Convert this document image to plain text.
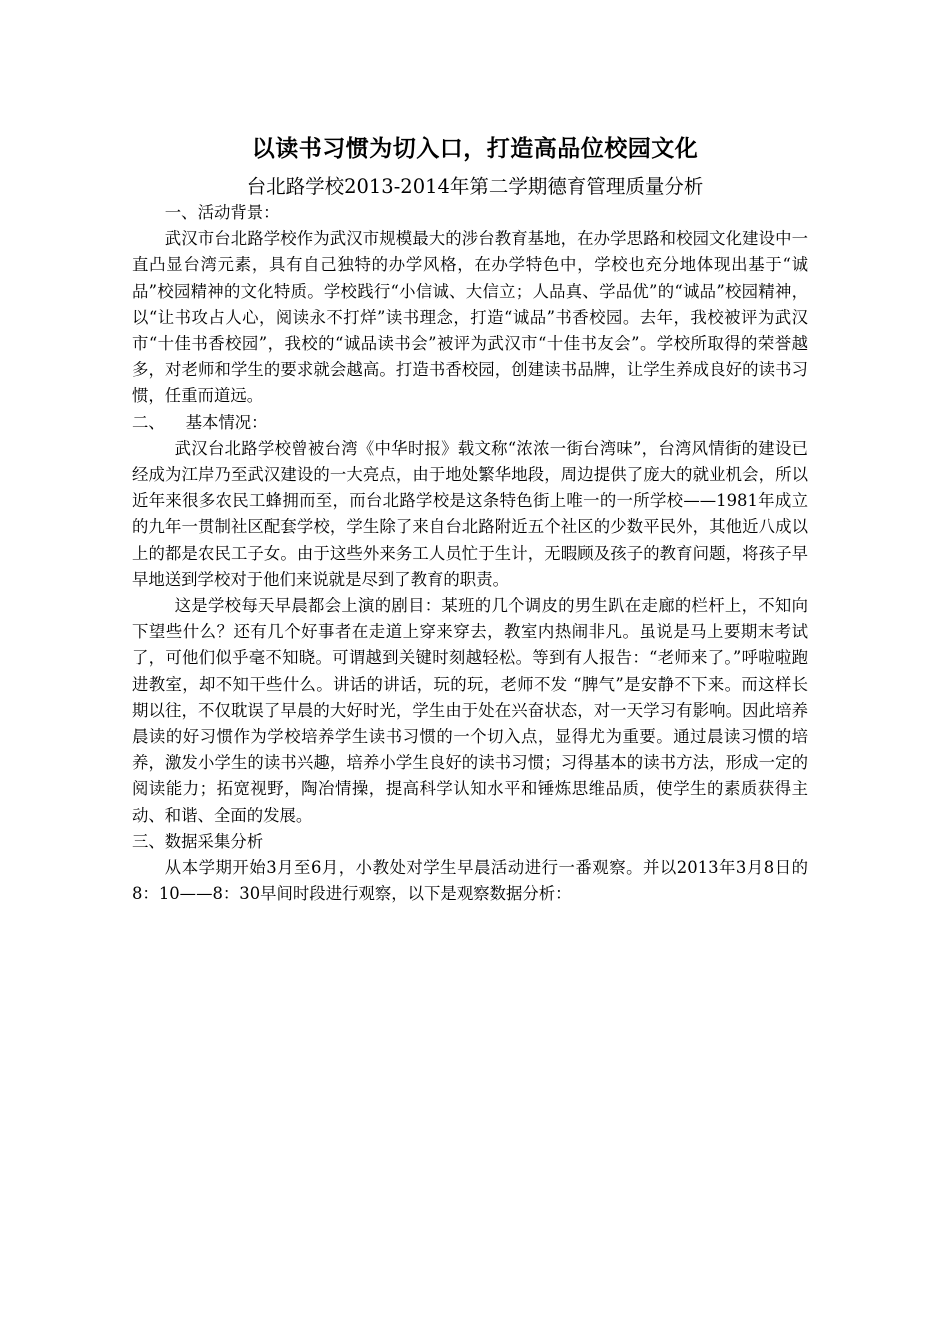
以读书习惯为切入口，打造高品位校园文化
台北路学校2013-2014年第二学期德育管理质量分析

一、活动背景：

武汉市台北路学校作为武汉市规模最大的涉台教育基地，在办学思路和校园文化建设中一直凸显台湾元素，具有自己独特的办学风格，在办学特色中，学校也充分地体现出基于“诚品”校园精神的文化特质。学校践行“小信诚、大信立；人品真、学品优”的“诚品”校园精神，以“让书攻占人心，阅读永不打烊”读书理念，打造“诚品”书香校园。去年，我校被评为武汉市“十佳书香校园”，我校的“诚品读书会”被评为武汉市“十佳书友会”。学校所取得的荣誉越多，对老师和学生的要求就会越高。打造书香校园，创建读书品牌，让学生养成良好的读书习惯，任重而道远。

二、    基本情况：

武汉台北路学校曾被台湾《中华时报》载文称“浓浓一街台湾味”，台湾风情街的建设已经成为江岸乃至武汉建设的一大亮点，由于地处繁华地段，周边提供了庞大的就业机会，所以近年来很多农民工蜂拥而至，而台北路学校是这条特色街上唯一的一所学校——1981年成立的九年一贯制社区配套学校，学生除了来自台北路附近五个社区的少数平民外，其他近八成以上的都是农民工子女。由于这些外来务工人员忙于生计，无暇顾及孩子的教育问题，将孩子早早地送到学校对于他们来说就是尽到了教育的职责。

这是学校每天早晨都会上演的剧目：某班的几个调皮的男生趴在走廊的栏杆上，不知向下望些什么？还有几个好事者在走道上穿来穿去，教室内热闹非凡。虽说是马上要期末考试了，可他们似乎毫不知晓。可谓越到关键时刻越轻松。等到有人报告：“老师来了。”呼啦啦跑进教室，却不知干些什么。讲话的讲话，玩的玩，老师不发 “脾气”是安静不下来。而这样长期以往，不仅耽误了早晨的大好时光，学生由于处在兴奋状态，对一天学习有影响。因此培养晨读的好习惯作为学校培养学生读书习惯的一个切入点，显得尤为重要。通过晨读习惯的培养，激发小学生的读书兴趣，培养小学生良好的读书习惯；习得基本的读书方法，形成一定的阅读能力；拓宽视野，陶冶情操，提高科学认知水平和锤炼思维品质，使学生的素质获得主动、和谐、全面的发展。

三、数据采集分析

从本学期开始3月至6月，小教处对学生早晨活动进行一番观察。并以2013年3月8日的8：10——8：30早间时段进行观察，以下是观察数据分析：
